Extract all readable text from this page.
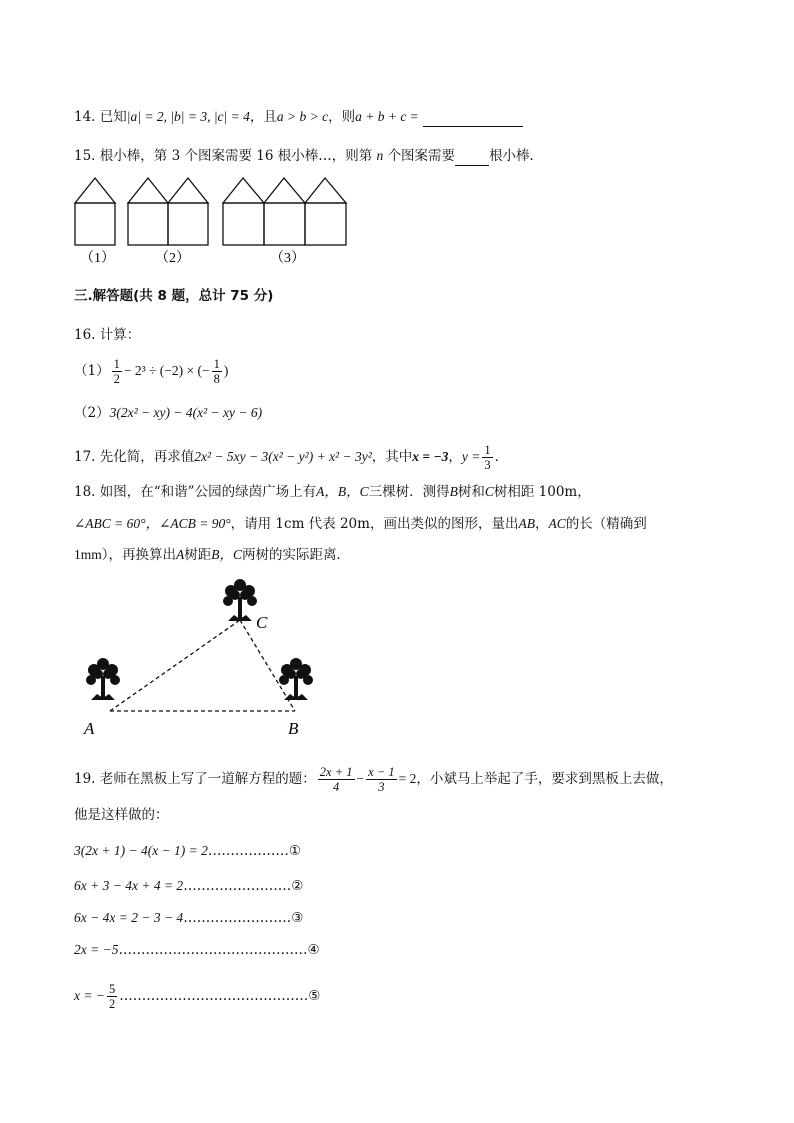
14. 已知|a| = 2, |b| = 3, |c| = 4，且a > b > c，则a + b + c =
15. 根小棒，第 3 个图案需要 16 根小棒…，则第 n 个图案需要	根小棒．
（1）	（2）	（3）
三.解答题(共 8 题，总计 75 分)
16. 计算：
$(1) \frac{1}{2} - 2^3 \div (-2)$ × (− $\frac{1}{8}$ )
（2）3(2x² − xy) − 4(x² − xy − 6)
17. 先化简，再求值2x² − 5xy − 3(x² − y²) + x² − 3y²，其中x = −3，$y = \frac{1}{3}$ ．
18. 如图，在“和谐”公园的绿茵广场上有A，B，C三棵树．测得B树和C树相距 100m，
∠ABC = 60°，∠ACB = 90°，请用 1cm 代表 20m，画出类似的图形，量出AB，AC的长（精确到
1mm），再换算出A树距B，C两树的实际距离．
A	B
C
19. 老师在黑板上写了一道解方程的题： $\frac{2x + 1}{4} - \frac{x - 1}{3} = 2$，小斌马上举起了手，要求到黑板上去做，
他是这样做的：
3(2x + 1) − 4(x − 1) = 2………………①
6x + 3 − 4x + 4 = 2……………………②
6x − 4x = 2 − 3 − 4……………………③
2x = −5……………………………………④
x = − $\frac{5}{2}$ ……………………………………⑤
